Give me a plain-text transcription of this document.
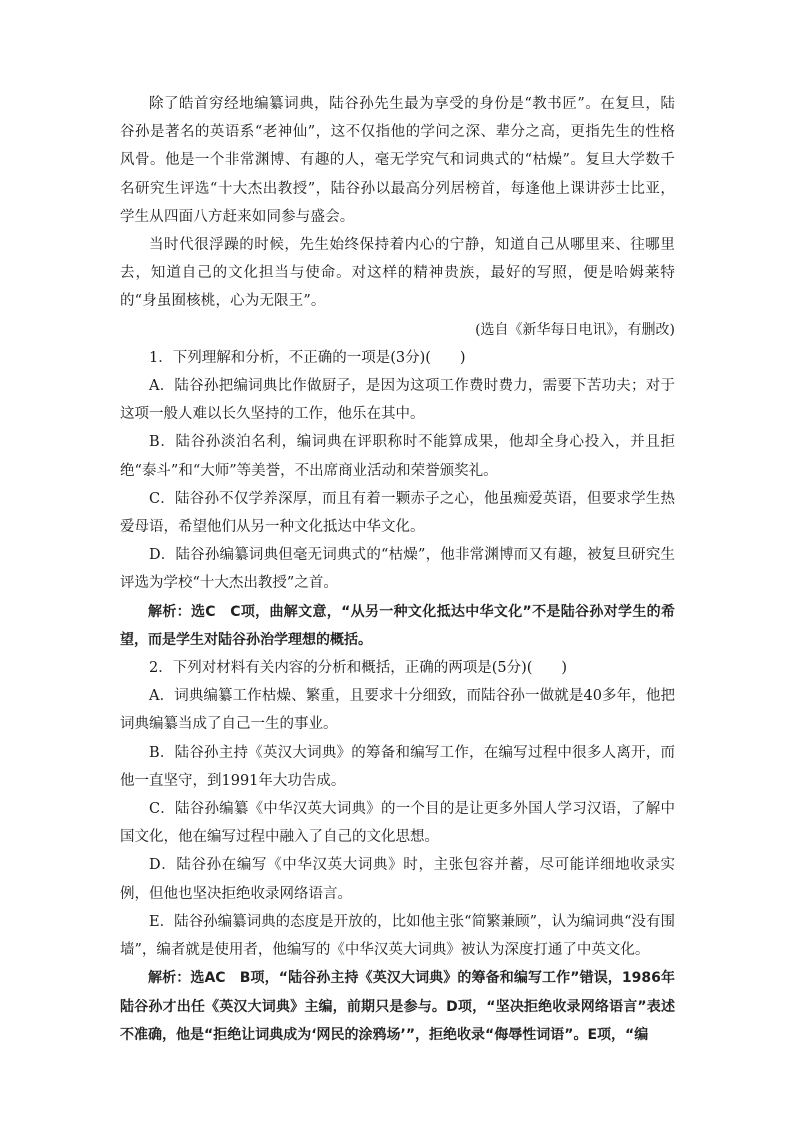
除了皓首穷经地编纂词典，陆谷孙先生最为享受的身份是“教书匠”。在复旦，陆谷孙是著名的英语系“老神仙”，这不仅指他的学问之深、辈分之高，更指先生的性格风骨。他是一个非常渊博、有趣的人，毫无学究气和词典式的“枯燥”。复旦大学数千名研究生评选“十大杰出教授”，陆谷孙以最高分列居榜首，每逢他上课讲莎士比亚，学生从四面八方赶来如同参与盛会。

当时代很浮躁的时候，先生始终保持着内心的宁静，知道自己从哪里来、往哪里去，知道自己的文化担当与使命。对这样的精神贵族，最好的写照，便是哈姆莱特的“身虽囿核桃，心为无限王”。

(选自《新华每日电讯》，有删改)

1．下列理解和分析，不正确的一项是(3分)(　　)

A．陆谷孙把编词典比作做厨子，是因为这项工作费时费力，需要下苦功夫；对于这项一般人难以长久坚持的工作，他乐在其中。

B．陆谷孙淡泊名利，编词典在评职称时不能算成果，他却全身心投入，并且拒绝“泰斗”和“大师”等美誉，不出席商业活动和荣誉颁奖礼。

C．陆谷孙不仅学养深厚，而且有着一颗赤子之心，他虽痴爱英语，但要求学生热爱母语，希望他们从另一种文化抵达中华文化。

D．陆谷孙编纂词典但毫无词典式的“枯燥”，他非常渊博而又有趣，被复旦研究生评选为学校“十大杰出教授”之首。

解析：选C　C项，曲解文意，“从另一种文化抵达中华文化”不是陆谷孙对学生的希望，而是学生对陆谷孙治学理想的概括。

2．下列对材料有关内容的分析和概括，正确的两项是(5分)(　　)

A．词典编纂工作枯燥、繁重，且要求十分细致，而陆谷孙一做就是40多年，他把词典编纂当成了自己一生的事业。

B．陆谷孙主持《英汉大词典》的筹备和编写工作，在编写过程中很多人离开，而他一直坚守，到1991年大功告成。

C．陆谷孙编纂《中华汉英大词典》的一个目的是让更多外国人学习汉语，了解中国文化，他在编写过程中融入了自己的文化思想。

D．陆谷孙在编写《中华汉英大词典》时，主张包容并蓄，尽可能详细地收录实例，但他也坚决拒绝收录网络语言。

E．陆谷孙编纂词典的态度是开放的，比如他主张“简繁兼顾”，认为编词典“没有围墙”，编者就是使用者，他编写的《中华汉英大词典》被认为深度打通了中英文化。

解析：选AC　B项，“陆谷孙主持《英汉大词典》的筹备和编写工作”错误，1986年陆谷孙才出任《英汉大词典》主编，前期只是参与。D项，“坚决拒绝收录网络语言”表述不准确，他是“拒绝让词典成为‘网民的涂鸦场’”，拒绝收录“侮辱性词语”。E项，“编
